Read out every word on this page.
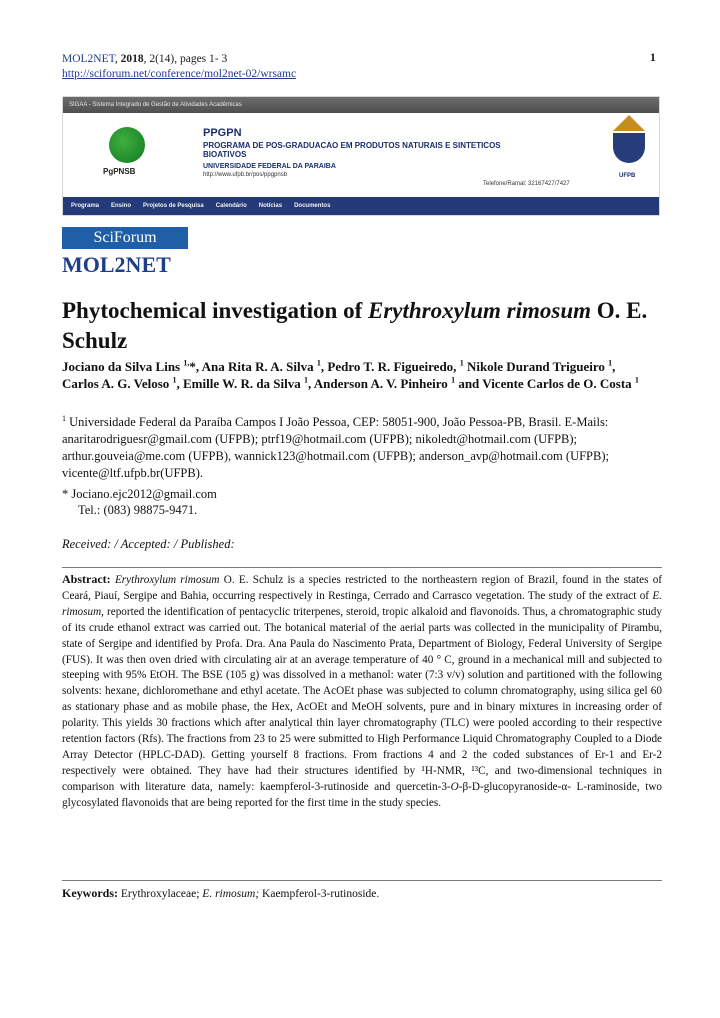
MOL2NET, 2018, 2(14), pages 1- 3
http://sciforum.net/conference/mol2net-02/wrsamc
1
SIGAA - Sistema Integrado de Gestão de Atividades Acadêmicas
PgPNSB
PPGPN
PROGRAMA DE POS-GRADUACAO EM PRODUTOS NATURAIS E SINTETICOS BIOATIVOS
UNIVERSIDADE FEDERAL DA PARAIBA
http://www.ufpb.br/pos/ppgpnsb
Telefone/Ramal: 32167427/7427
UFPB
Programa Ensino Projetos de Pesquisa Calendário Notícias Documentos
SciForum
MOL2NET
Phytochemical investigation of Erythroxylum rimosum O. E. Schulz
Jociano da Silva Lins $^{1,}$*, Ana Rita R. A. Silva $^1$, Pedro T. R. Figueiredo, $^1$ Nikole Durand Trigueiro $^1$, Carlos A. G. Veloso $^1$, Emille W. R. da Silva $^1$, Anderson A. V. Pinheiro $^1$ and Vicente Carlos de O. Costa $^1$
$^1$ Universidade Federal da Paraíba Campos I João Pessoa, CEP: 58051-900, João Pessoa-PB, Brasil. E-Mails: anaritarodriguesr@gmail.com (UFPB); ptrf19@hotmail.com (UFPB); nikoledt@hotmail.com (UFPB); arthur.gouveia@me.com (UFPB), wannick123@hotmail.com (UFPB); anderson_avp@hotmail.com (UFPB); vicente@ltf.ufpb.br(UFPB).
* Jociano.ejc2012@gmail.com
Tel.: (083) 98875-9471.
Received: / Accepted: / Published:
Abstract: Erythroxylum rimosum O. E. Schulz is a species restricted to the northeastern region of Brazil, found in the states of Ceará, Piauí, Sergipe and Bahia, occurring respectively in Restinga, Cerrado and Carrasco vegetation. The study of the extract of E. rimosum, reported the identification of pentacyclic triterpenes, steroid, tropic alkaloid and flavonoids. Thus, a chromatographic study of its crude ethanol extract was carried out. The botanical material of the aerial parts was collected in the municipality of Pirambu, state of Sergipe and identified by Profa. Dra. Ana Paula do Nascimento Prata, Department of Biology, Federal University of Sergipe (FUS). It was then oven dried with circulating air at an average temperature of 40 ° C, ground in a mechanical mill and subjected to steeping with 95% EtOH. The BSE (105 g) was dissolved in a methanol: water (7:3 v/v) solution and partitioned with the following solvents: hexane, dichloromethane and ethyl acetate. The AcOEt phase was subjected to column chromatography, using silica gel 60 as stationary phase and as mobile phase, the Hex, AcOEt and MeOH solvents, pure and in binary mixtures in increasing order of polarity. This yields 30 fractions which after analytical thin layer chromatography (TLC) were pooled according to their respective retention factors (Rfs). The fractions from 23 to 25 were submitted to High Performance Liquid Chromatography Coupled to a Diode Array Detector (HPLC-DAD). Getting yourself 8 fractions. From fractions 4 and 2 the coded substances of Er-1 and Er-2 respectively were obtained. They have had their structures identified by ¹H-NMR, ¹³C, and two-dimensional techniques in comparison with literature data, namely: kaempferol-3-rutinoside and quercetin-3-O-β-D-glucopyranoside-α- L-raminoside, two glycosylated flavonoids that are being reported for the first time in the study species.
Keywords: Erythroxylaceae; E. rimosum; Kaempferol-3-rutinoside.
